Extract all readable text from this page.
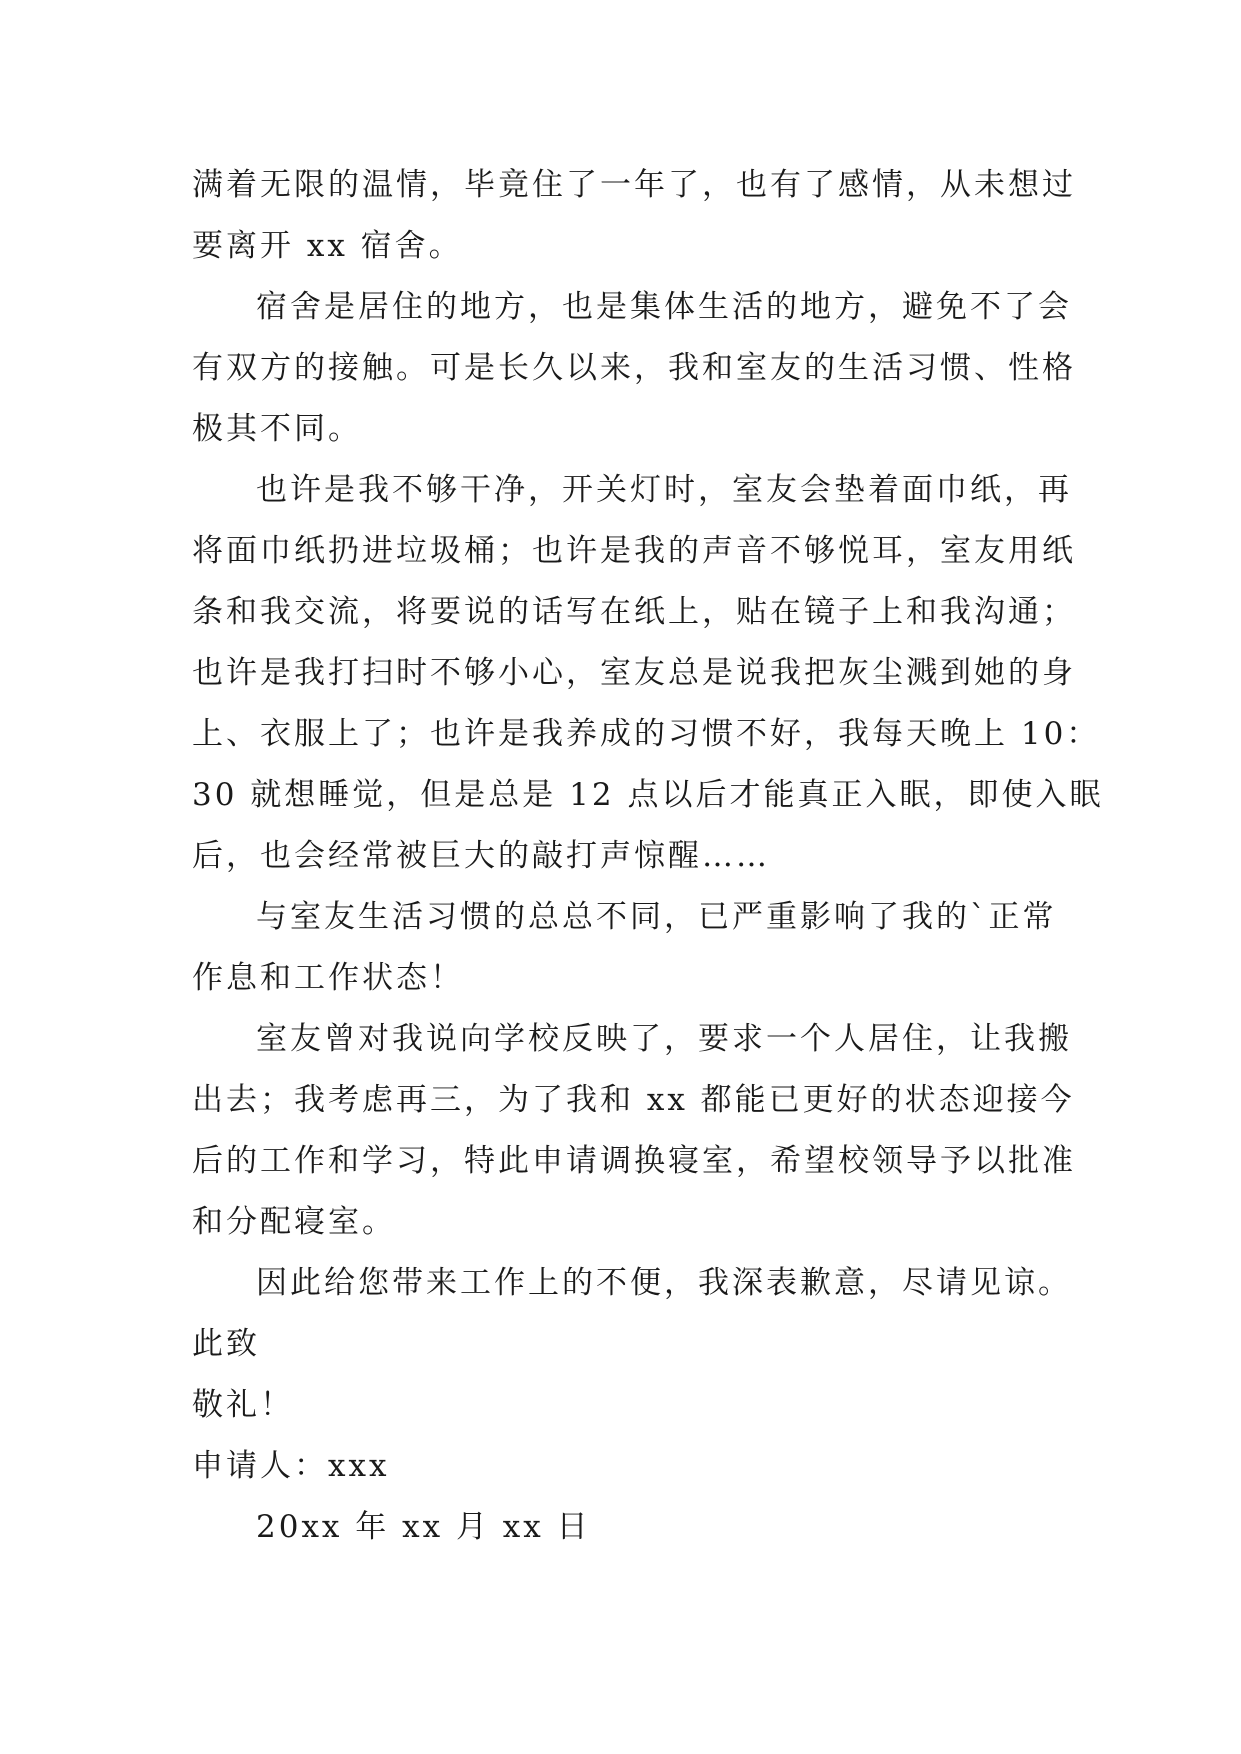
满着无限的温情，毕竟住了一年了，也有了感情，从未想过
要离开 xx 宿舍。
宿舍是居住的地方，也是集体生活的地方，避免不了会
有双方的接触。可是长久以来，我和室友的生活习惯、性格
极其不同。
也许是我不够干净，开关灯时，室友会垫着面巾纸，再
将面巾纸扔进垃圾桶；也许是我的声音不够悦耳，室友用纸
条和我交流，将要说的话写在纸上，贴在镜子上和我沟通；
也许是我打扫时不够小心，室友总是说我把灰尘溅到她的身
上、衣服上了；也许是我养成的习惯不好，我每天晚上 10：
30 就想睡觉，但是总是 12 点以后才能真正入眠，即使入眠
后，也会经常被巨大的敲打声惊醒……
与室友生活习惯的总总不同，已严重影响了我的`正常
作息和工作状态！
室友曾对我说向学校反映了，要求一个人居住，让我搬
出去；我考虑再三，为了我和 xx 都能已更好的状态迎接今
后的工作和学习，特此申请调换寝室，希望校领导予以批准
和分配寝室。
因此给您带来工作上的不便，我深表歉意，尽请见谅。
此致
敬礼！
申请人：xxx
20xx 年 xx 月 xx 日
